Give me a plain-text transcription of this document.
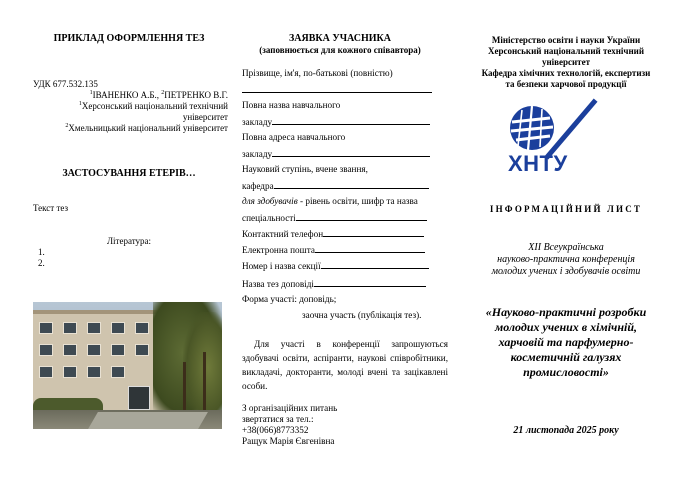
ПРИКЛАД ОФОРМЛЕННЯ ТЕЗ
УДК 677.532.135
$^1$ІВАНЕНКО А.Б., $^2$ПЕТРЕНКО В.Г.
$^1$Херсонський національний технічний
університет
$^2$Хмельницький національний університет
ЗАСТОСУВАННЯ ЕТЕРІВ…
Текст тез
Література:
1.
2.
ЗАЯВКА УЧАСНИКА
(заповнюється для кожного співавтора)
Прізвище, ім'я, по-батькові (повністю)
Повна назва навчального
закладу
Повна адреса навчального
закладу
Науковий ступінь, вчене звання,
кафедра
для здобувачів - рівень освіти, шифр та назва
спеціальності
Контактний телефон
Електронна пошта
Номер і назва секції
Назва тез доповіді
Форма участі: доповідь;
заочна участь (публікація тез).
Для участі в конференції запрошуються здобувачі освіти, аспіранти, наукові співробітники, викладачі, докторанти, молоді вчені та зацікавлені особи.
З організаційних питань
звертатися за тел.:
+38(066)8773352
Ращук Марія Євгенівна
Міністерство освіти і науки України
Херсонський національний технічний
університет
Кафедра хімічних технологій, експертизи
та безпеки харчової продукції
ІНФОРМАЦІЙНИЙ ЛИСТ
XII Всеукраїнська
науково-практична конференція
молодих учених і здобувачів освіти
«Науково-практичні розробки
молодих учених в хімічній,
харчовій та парфумерно-
косметичній галузях
промисловості»
21 листопада 2025 року
ХНТУ
